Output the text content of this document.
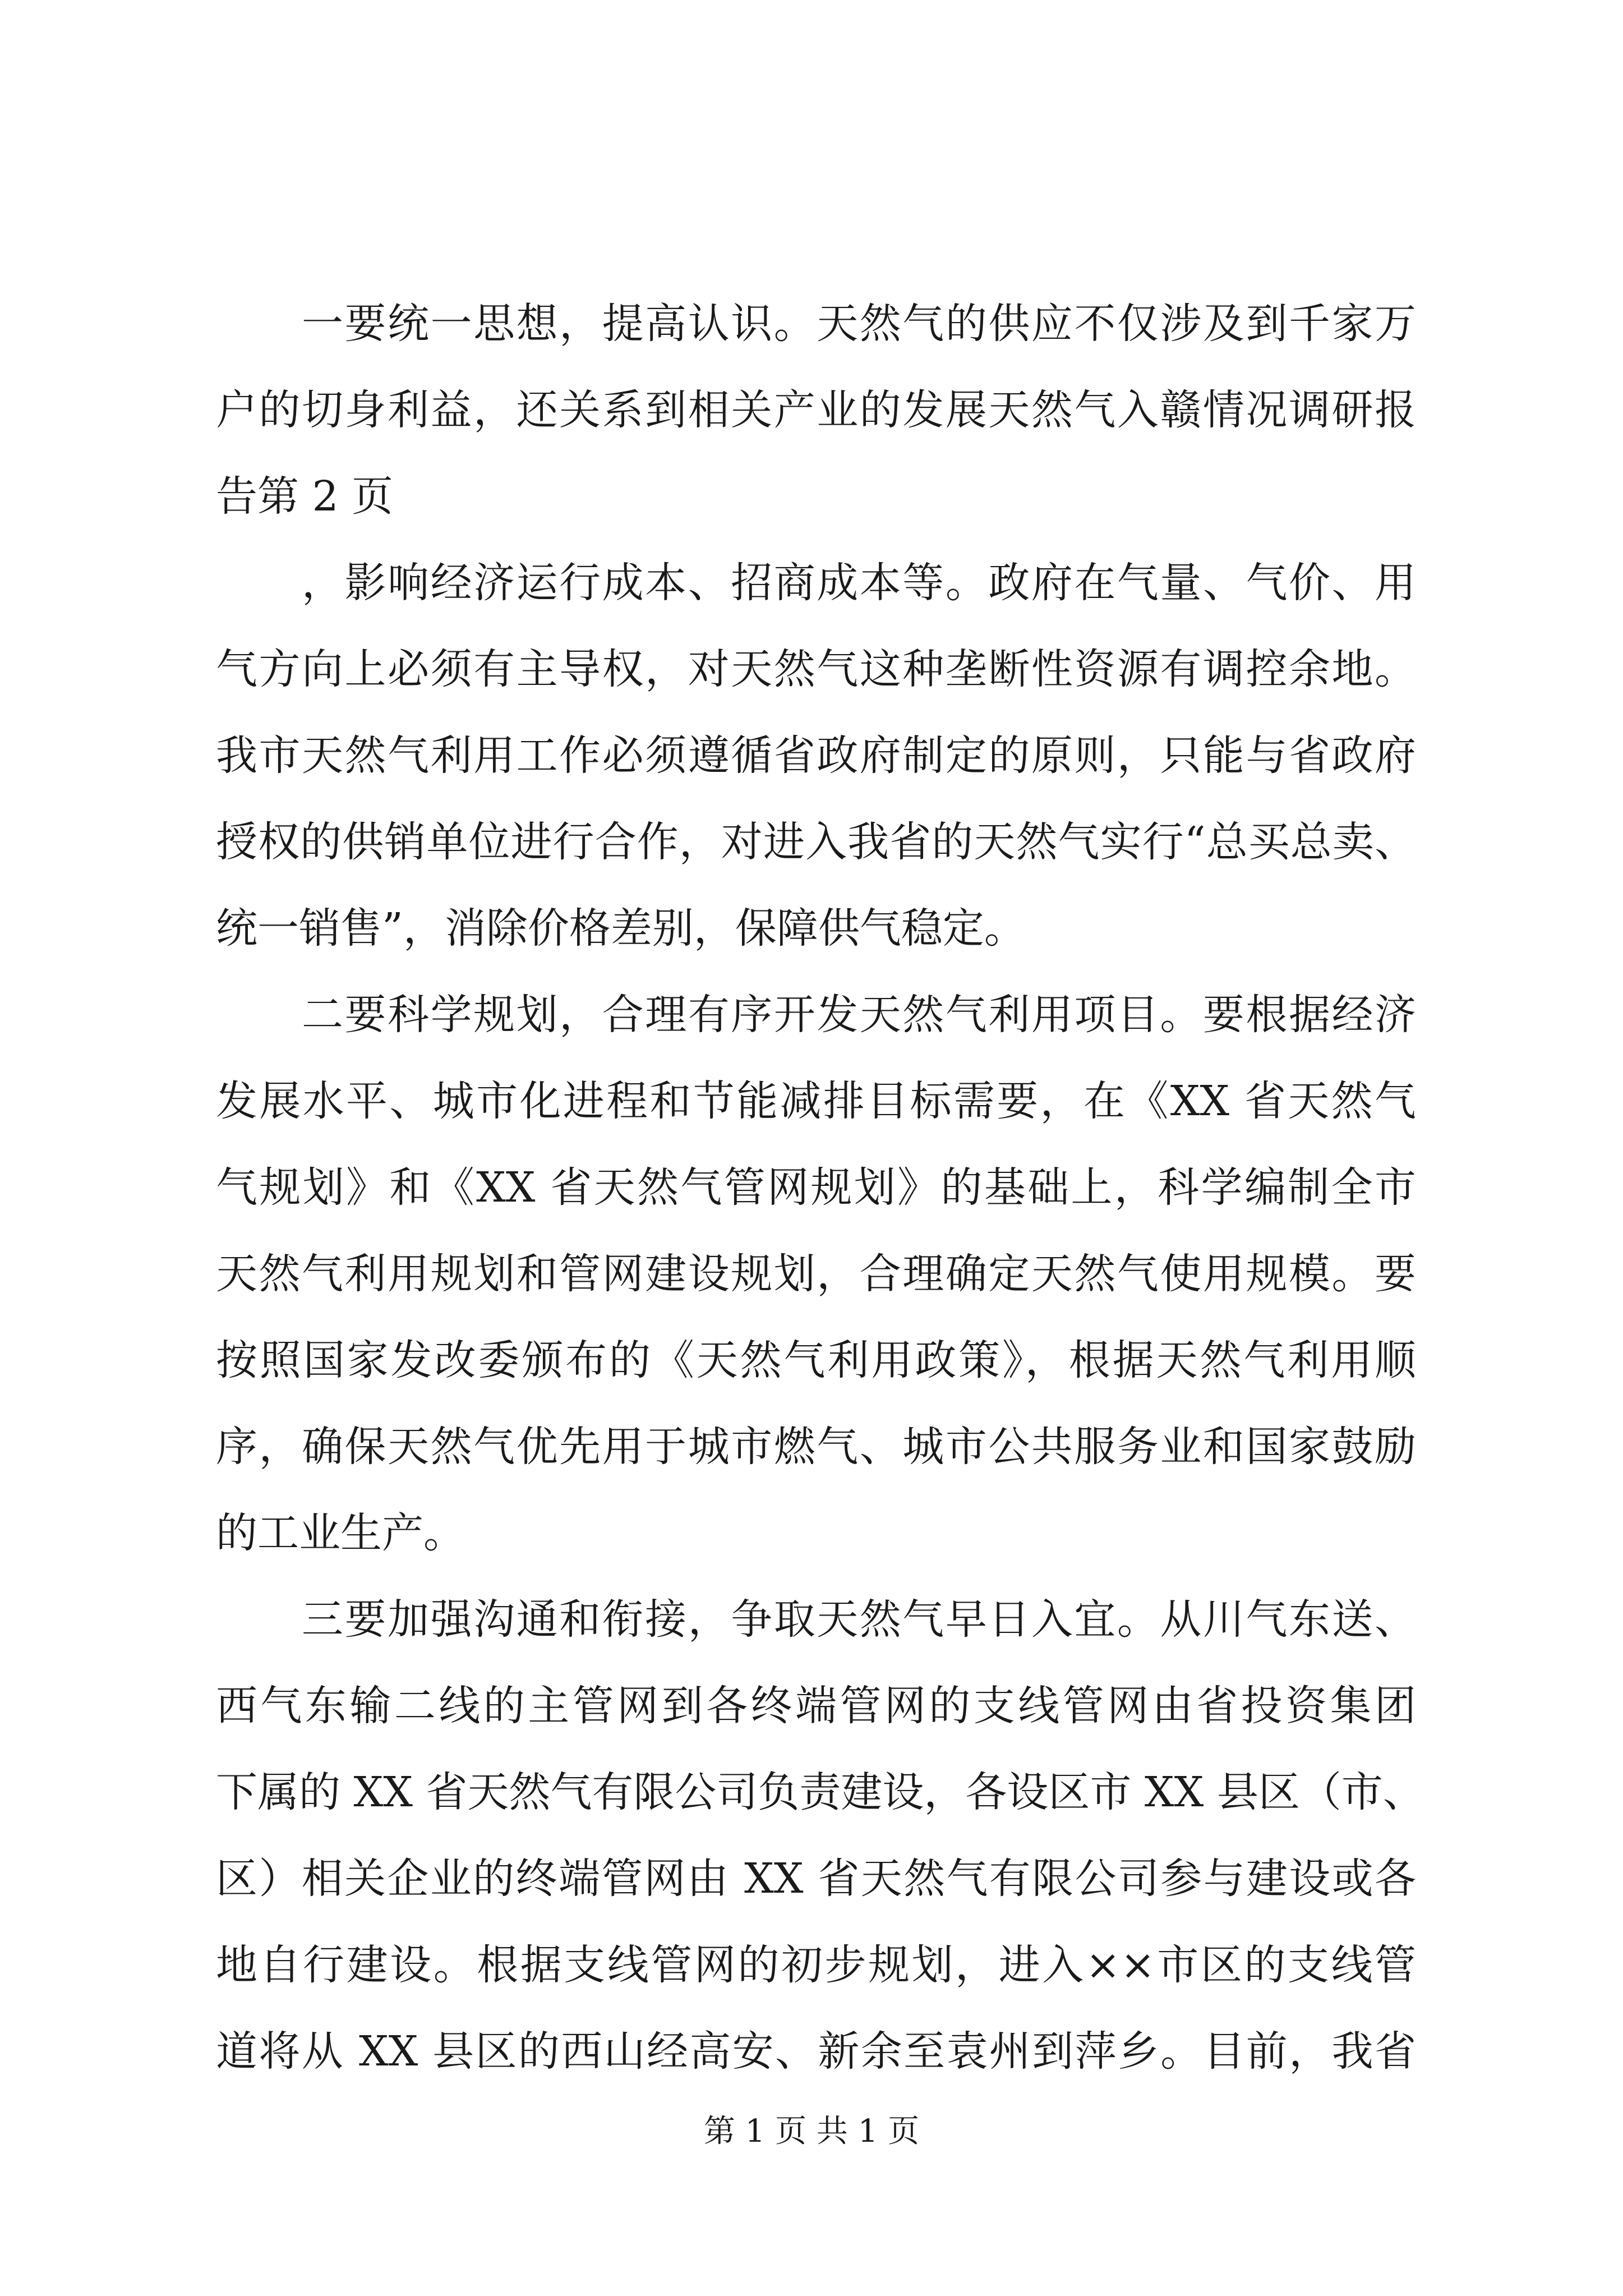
　　一要统一思想，提高认识。天然气的供应不仅涉及到千家万
户的切身利益，还关系到相关产业的发展天然气入赣情况调研报
告第 2 页
　　，影响经济运行成本、招商成本等。政府在气量、气价、用
气方向上必须有主导权，对天然气这种垄断性资源有调控余地。
我市天然气利用工作必须遵循省政府制定的原则，只能与省政府
授权的供销单位进行合作，对进入我省的天然气实行“总买总卖、
统一销售”，消除价格差别，保障供气稳定。
　　二要科学规划，合理有序开发天然气利用项目。要根据经济
发展水平、城市化进程和节能减排目标需要，在《XX 省天然气
气规划》和《XX 省天然气管网规划》的基础上，科学编制全市
天然气利用规划和管网建设规划，合理确定天然气使用规模。要
按照国家发改委颁布的《天然气利用政策》，根据天然气利用顺
序，确保天然气优先用于城市燃气、城市公共服务业和国家鼓励
的工业生产。
　　三要加强沟通和衔接，争取天然气早日入宜。从川气东送、
西气东输二线的主管网到各终端管网的支线管网由省投资集团
下属的 XX 省天然气有限公司负责建设，各设区市 XX 县区（市、
区）相关企业的终端管网由 XX 省天然气有限公司参与建设或各
地自行建设。根据支线管网的初步规划，进入××市区的支线管
道将从 XX 县区的西山经高安、新余至袁州到萍乡。目前，我省
第 1 页 共 1 页
